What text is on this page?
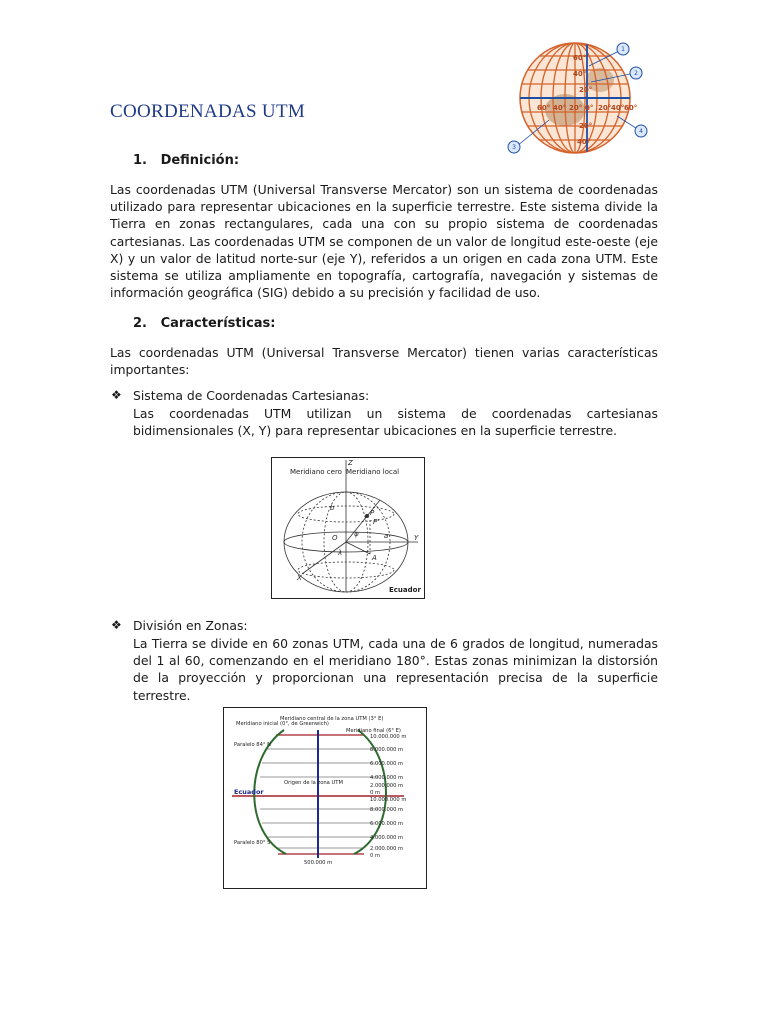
COORDENADAS UTM
60°
40°
20°
60° 40° 20° 0° 20° 40° 60°
20°
40°
1
2
3
4
1. Definición:
Las coordenadas UTM (Universal Transverse Mercator) son un sistema de coordenadas utilizado para representar ubicaciones en la superficie terrestre. Este sistema divide la Tierra en zonas rectangulares, cada una con su propio sistema de coordenadas cartesianas. Las coordenadas UTM se componen de un valor de longitud este-oeste (eje X) y un valor de latitud norte-sur (eje Y), referidos a un origen en cada zona UTM. Este sistema se utiliza ampliamente en topografía, cartografía, navegación y sistemas de información geográfica (SIG) debido a su precisión y facilidad de uso.
2. Características:
Las coordenadas UTM (Universal Transverse Mercator) tienen varias características importantes:
❖ Sistema de Coordenadas Cartesianas:
Las coordenadas UTM utilizan un sistema de coordenadas cartesianas bidimensionales (X, Y) para representar ubicaciones en la superficie terrestre.
Meridiano cero Meridiano local
Z
Y
X
b
P
P'
O φ
λ
A
a
Ecuador
❖ División en Zonas:
La Tierra se divide en 60 zonas UTM, cada una de 6 grados de longitud, numeradas del 1 al 60, comenzando en el meridiano 180°. Estas zonas minimizan la distorsión de la proyección y proporcionan una representación precisa de la superficie terrestre.
Meridiano central de la zona UTM (3° E)
Meridiano inicial (0°, de Greenwich)
Meridiano final (6° E)
Paralelo 84° N
Paralelo 80° S
Origen de la zona UTM
500.000 m
10.000.000 m
8.000.000 m
6.000.000 m
4.000.000 m
2.000.000 m
0 m
10.000.000 m
8.000.000 m
6.000.000 m
4.000.000 m
2.000.000 m
0 m
Ecuador
